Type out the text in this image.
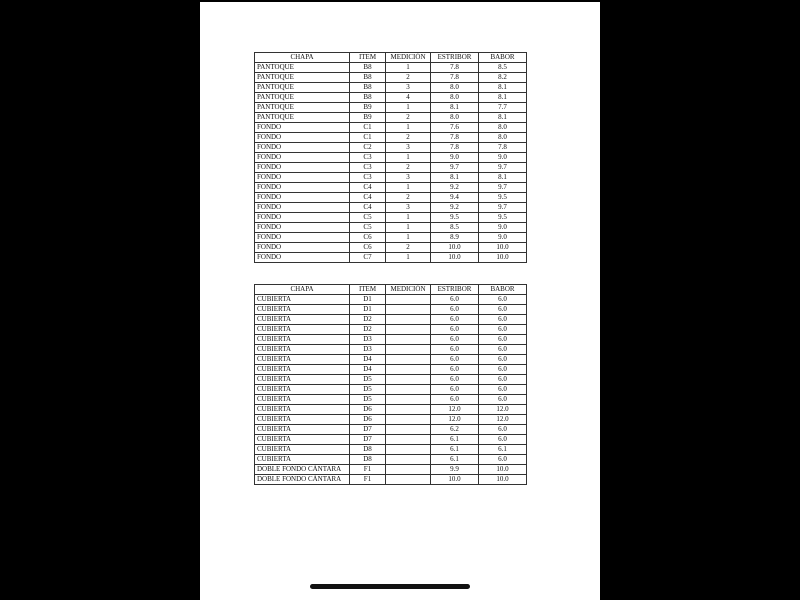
CHAPA	ITEM	MEDICIÓN	ESTRIBOR	BABOR
PANTOQUE	B8	1	7.8	8.5
PANTOQUE	B8	2	7.8	8.2
PANTOQUE	B8	3	8.0	8.1
PANTOQUE	B8	4	8.0	8.1
PANTOQUE	B9	1	8.1	7.7
PANTOQUE	B9	2	8.0	8.1
FONDO	C1	1	7.6	8.0
FONDO	C1	2	7.8	8.0
FONDO	C2	3	7.8	7.8
FONDO	C3	1	9.0	9.0
FONDO	C3	2	9.7	9.7
FONDO	C3	3	8.1	8.1
FONDO	C4	1	9.2	9.7
FONDO	C4	2	9.4	9.5
FONDO	C4	3	9.2	9.7
FONDO	C5	1	9.5	9.5
FONDO	C5	1	8.5	9.0
FONDO	C6	1	8.9	9.0
FONDO	C6	2	10.0	10.0
FONDO	C7	1	10.0	10.0
CHAPA	ITEM	MEDICIÓN	ESTRIBOR	BABOR
CUBIERTA	D1		6.0	6.0
CUBIERTA	D1		6.0	6.0
CUBIERTA	D2		6.0	6.0
CUBIERTA	D2		6.0	6.0
CUBIERTA	D3		6.0	6.0
CUBIERTA	D3		6.0	6.0
CUBIERTA	D4		6.0	6.0
CUBIERTA	D4		6.0	6.0
CUBIERTA	D5		6.0	6.0
CUBIERTA	D5		6.0	6.0
CUBIERTA	D5		6.0	6.0
CUBIERTA	D6		12.0	12.0
CUBIERTA	D6		12.0	12.0
CUBIERTA	D7		6.2	6.0
CUBIERTA	D7		6.1	6.0
CUBIERTA	D8		6.1	6.1
CUBIERTA	D8		6.1	6.0
DOBLE FONDO CÁNTARA	F1		9.9	10.0
DOBLE FONDO CÁNTARA	F1		10.0	10.0
